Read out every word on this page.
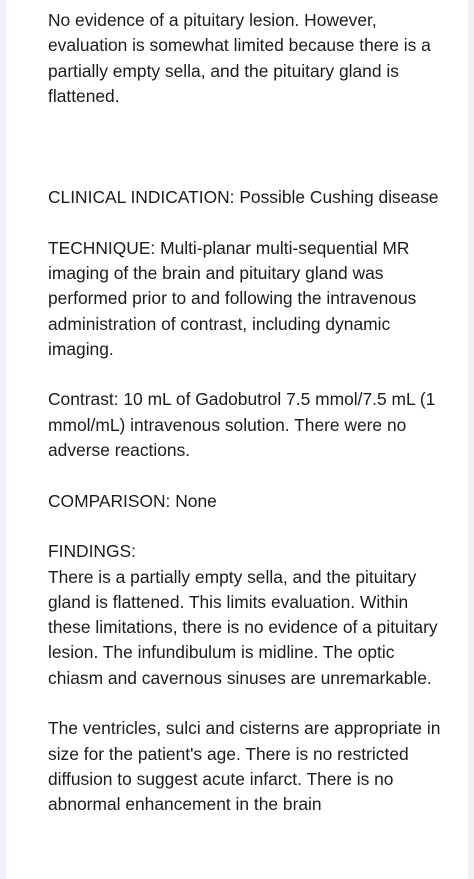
No evidence of a pituitary lesion. However, evaluation is somewhat limited because there is a partially empty sella, and the pituitary gland is flattened.

CLINICAL INDICATION: Possible Cushing disease

TECHNIQUE: Multi-planar multi-sequential MR imaging of the brain and pituitary gland was performed prior to and following the intravenous administration of contrast, including dynamic imaging.

Contrast: 10 mL of Gadobutrol 7.5 mmol/7.5 mL (1 mmol/mL) intravenous solution. There were no adverse reactions.

COMPARISON: None

FINDINGS:
There is a partially empty sella, and the pituitary gland is flattened. This limits evaluation. Within these limitations, there is no evidence of a pituitary lesion. The infundibulum is midline. The optic chiasm and cavernous sinuses are unremarkable.

The ventricles, sulci and cisterns are appropriate in size for the patient's age. There is no restricted diffusion to suggest acute infarct. There is no abnormal enhancement in the brain
